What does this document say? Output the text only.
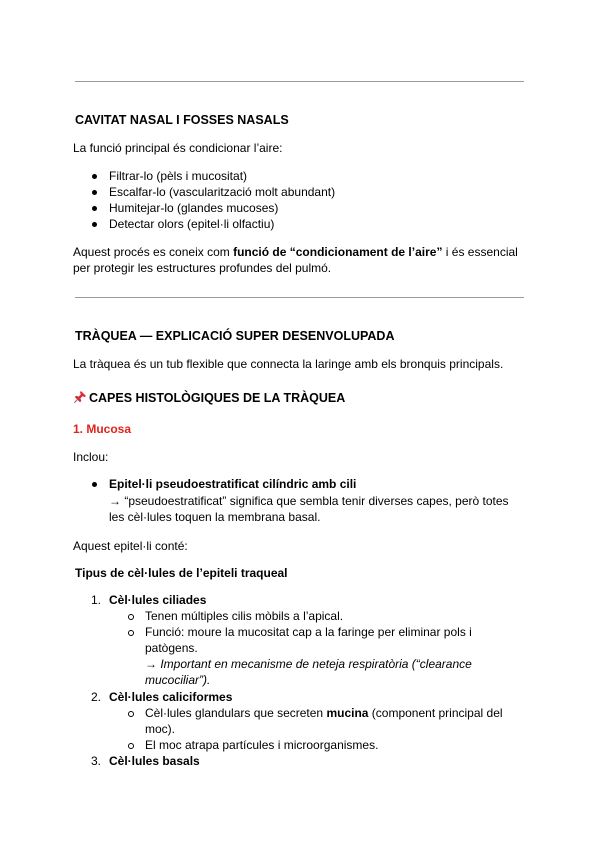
CAVITAT NASAL I FOSSES NASALS
La funció principal és condicionar l’aire:
Filtrar-lo (pèls i mucositat)
Escalfar-lo (vascularització molt abundant)
Humitejar-lo (glandes mucoses)
Detectar olors (epitel·li olfactiu)
Aquest procés es coneix com funció de “condicionament de l’aire” i és essencial
per protegir les estructures profundes del pulmó.
TRÀQUEA — EXPLICACIÓ SUPER DESENVOLUPADA
La tràquea és un tub flexible que connecta la laringe amb els bronquis principals.
CAPES HISTOLÒGIQUES DE LA TRÀQUEA
1. Mucosa
Inclou:
Epitel·li pseudoestratificat cilíndric amb cili
→ “pseudoestratificat” significa que sembla tenir diverses capes, però totes
les cèl·lules toquen la membrana basal.
Aquest epitel·li conté:
Tipus de cèl·lules de l’epiteli traqueal
1. Cèl·lules ciliades
Tenen múltiples cilis mòbils a l’apical.
Funció: moure la mucositat cap a la faringe per eliminar pols i
patògens.
→ Important en mecanisme de neteja respiratòria (“clearance
mucociliar”).
2. Cèl·lules caliciformes
Cèl·lules glandulars que secreten mucina (component principal del
moc).
El moc atrapa partícules i microorganismes.
3. Cèl·lules basals
